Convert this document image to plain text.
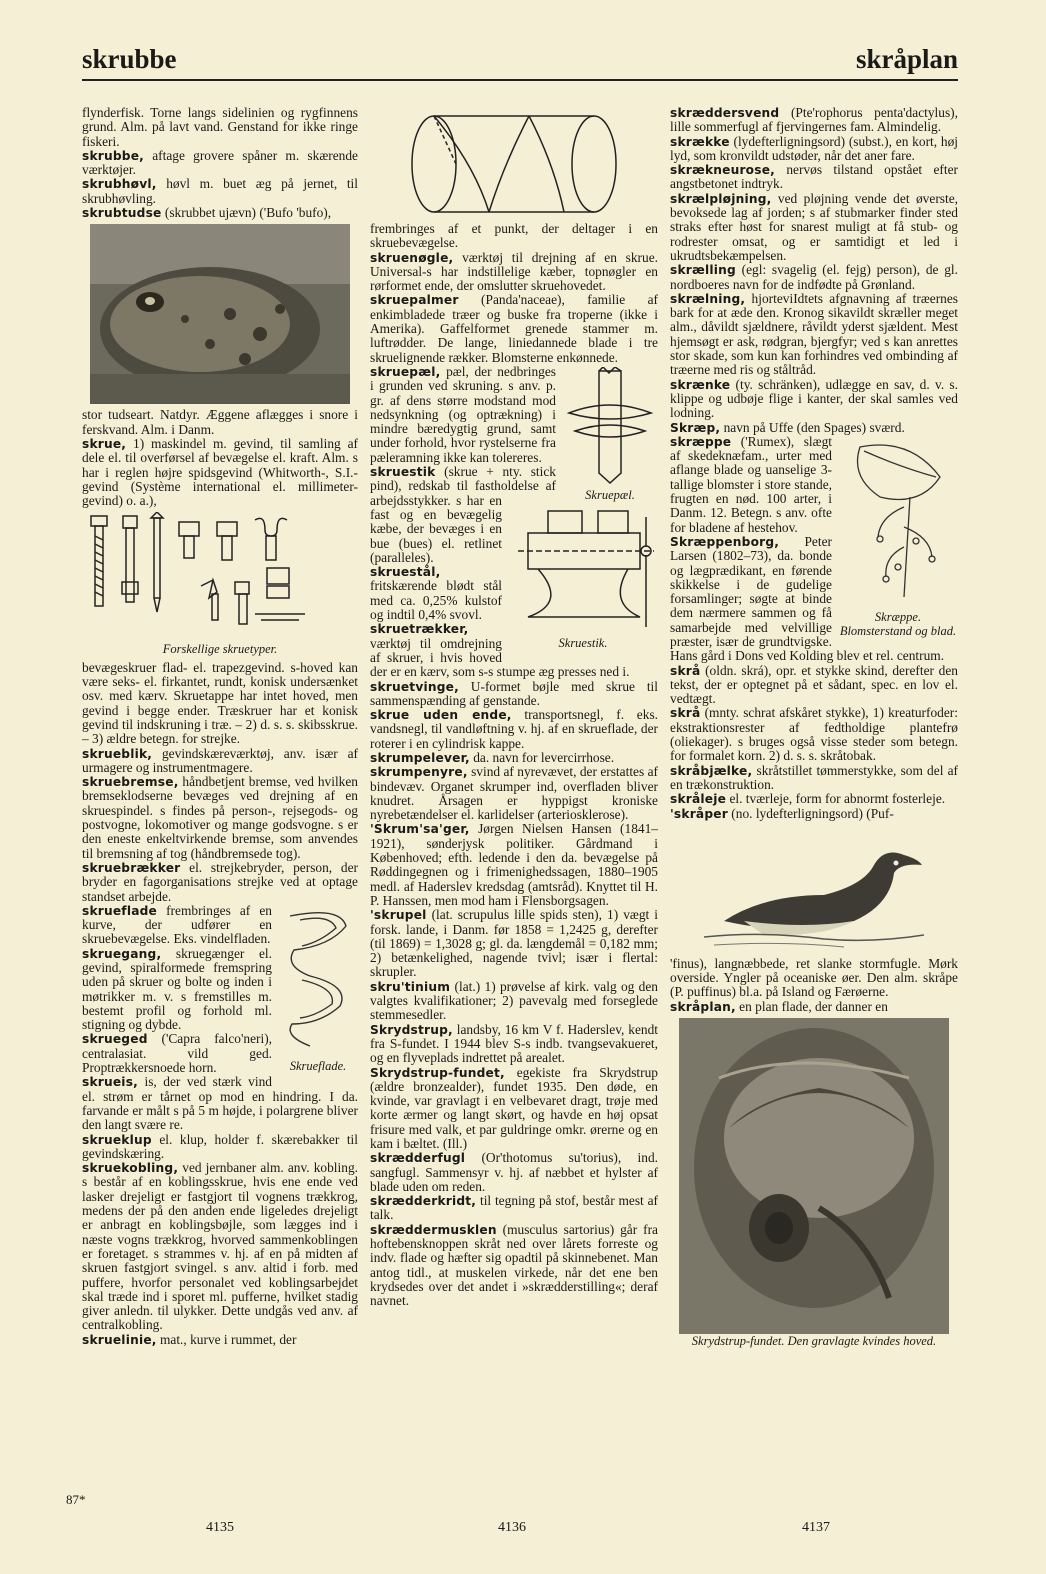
skrubbe	skråplan

flynderfisk. Torne langs sidelinien og rygfinnens grund. Alm. på lavt vand. Genstand for ikke ringe fiskeri.

skrubbe, aftage grovere spåner m. skærende værktøjer.

skrubhøvl, høvl m. buet æg på jernet, til skrubhøvling.

skrubtudse (skrubbet ujævn) ('Bufo 'bufo),

stor tudseart. Natdyr. Æggene aflægges i snore i ferskvand. Alm. i Danm.

skrue, 1) maskindel m. gevind, til samling af dele el. til overførsel af bevægelse el. kraft. Alm. s har i reglen højre spidsgevind (Whitworth-, S.I.-gevind (Système international el. millimeter-gevind) o. a.),

Forskellige skruetyper.

bevægeskruer flad- el. trapezgevind. s-hoved kan være seks- el. firkantet, rundt, konisk undersænket osv. med kærv. Skruetappe har intet hoved, men gevind i begge ender. Træskruer har et konisk gevind til indskruning i træ. – 2) d. s. s. skibsskrue. – 3) ældre betegn. for strejke.

skrueblik, gevindskæreværktøj, anv. især af urmagere og instrumentmagere.

skruebremse, håndbetjent bremse, ved hvilken bremseklodserne bevæges ved drejning af en skruespindel. s findes på person-, rejsegods- og postvogne, lokomotiver og mange godsvogne. s er den eneste enkeltvirkende bremse, som anvendes til bremsning af tog (håndbremsede tog).

skruebrækker el. strejkebryder, person, der bryder en fagorganisations strejke ved at optage standset arbejde.

Skrueflade.

skrueflade frembringes af en kurve, der udfører en skruebevægelse. Eks. vindelfladen.

skruegang, skruegænger el. gevind, spiralformede fremspring uden på skruer og bolte og inden i møtrikker m. v. s fremstilles m. bestemt profil og forhold ml. stigning og dybde.

skrueged ('Capra falco'neri), centralasiat. vild ged. Proptrækkersnoede horn.

skrueis, is, der ved stærk vind el. strøm er tårnet op mod en hindring. I da. farvande er målt s på 5 m højde, i polargrene bliver den langt svære re.

skrueklup el. klup, holder f. skærebakker til gevindskæring.

skruekobling, ved jernbaner alm. anv. kobling. s består af en koblingsskrue, hvis ene ende ved lasker drejeligt er fastgjort til vognens trækkrog, medens der på den anden ende ligeledes drejeligt er anbragt en koblingsbøjle, som lægges ind i næste vogns trækkrog, hvorved sammenkoblingen er foretaget. s strammes v. hj. af en på midten af skruen fastgjort svingel. s anv. altid i forb. med puffere, hvorfor personalet ved koblingsarbejdet skal træde ind i sporet ml. pufferne, hvilket stadig giver anledn. til ulykker. Dette undgås ved anv. af centralkobling.

skruelinie, mat., kurve i rummet, der

frembringes af et punkt, der deltager i en skruebevægelse.

skruenøgle, værktøj til drejning af en skrue. Universal-s har indstillelige kæber, topnøgler en rørformet ende, der omslutter skruehovedet.

skruepalmer (Panda'naceae), familie af enkimbladede træer og buske fra troperne (ikke i Amerika). Gaffelformet grenede stammer m. luftrødder. De lange, liniedannede blade i tre skruelignende rækker. Blomsterne enkønnede.

Skruepæl.

skruepæl, pæl, der nedbringes i grunden ved skruning. s anv. p. gr. af dens større modstand mod nedsynkning (og optrækning) i mindre bæredygtig grund, samt under forhold, hvor rystelserne fra pæleramning ikke kan tolereres.

Skruestik.

skruestik (skrue + nty. stick pind), redskab til fastholdelse af arbejdsstykker. s har en fast og en bevægelig kæbe, der bevæges i en bue (bues) el. retlinet (paralleles).

skruestål, fritskærende blødt stål med ca. 0,25% kulstof og indtil 0,4% svovl.

skruetrækker, værktøj til omdrejning af skruer, i hvis hoved der er en kærv, som s-s stumpe æg presses ned i.

skruetvinge, U-formet bøjle med skrue til sammenspænding af genstande.

skrue uden ende, transportsnegl, f. eks. vandsnegl, til vandløftning v. hj. af en skrueflade, der roterer i en cylindrisk kappe.

skrumpelever, da. navn for levercirrhose.

skrumpenyre, svind af nyrevævet, der erstattes af bindevæv. Organet skrumper ind, overfladen bliver knudret. Årsagen er hyppigst kroniske nyrebetændelser el. karlidelser (arteriosklerose).

'Skrum'sa'ger, Jørgen Nielsen Hansen (1841–1921), sønderjysk politiker. Gårdmand i Københoved; efth. ledende i den da. bevægelse på Røddingegnen og i frimenighedssagen, 1880–1905 medl. af Haderslev kredsdag (amtsråd). Knyttet til H. P. Hanssen, men mod ham i Flensborgsagen.

'skrupel (lat. scrupulus lille spids sten), 1) vægt i forsk. lande, i Danm. før 1858 = 1,2425 g, derefter (til 1869) = 1,3028 g; gl. da. længdemål = 0,182 mm; 2) betænkelighed, nagende tvivl; især i flertal: skrupler.

skru'tinium (lat.) 1) prøvelse af kirk. valg og den valgtes kvalifikationer; 2) pavevalg med forseglede stemmesedler.

Skrydstrup, landsby, 16 km V f. Haderslev, kendt fra S-fundet. I 1944 blev S-s indb. tvangsevakueret, og en flyveplads indrettet på arealet.

Skrydstrup-fundet, egekiste fra Skrydstrup (ældre bronzealder), fundet 1935. Den døde, en kvinde, var gravlagt i en velbevaret dragt, trøje med korte ærmer og langt skørt, og havde en høj opsat frisure med valk, et par guldringe omkr. ørerne og en kam i bæltet. (Ill.)

skrædderfugl (Or'thotomus su'torius), ind. sangfugl. Sammensyr v. hj. af næbbet et hylster af blade uden om reden.

skrædderkridt, til tegning på stof, består mest af talk.

skræddermusklen (musculus sartorius) går fra hoftebensknoppen skråt ned over lårets forreste og indv. flade og hæfter sig opadtil på skinnebenet. Man antog tidl., at muskelen virkede, når det ene ben krydsedes over det andet i »skrædderstilling«; deraf navnet.

skræddersvend (Pte'rophorus penta'dactylus), lille sommerfugl af fjervingernes fam. Almindelig.

skrække (lydefterligningsord) (subst.), en kort, høj lyd, som kronvildt udstøder, når det aner fare.

skrækneurose, nervøs tilstand opstået efter angstbetonet indtryk.

skrælpløjning, ved pløjning vende det øverste, bevoksede lag af jorden; s af stubmarker finder sted straks efter høst for snarest muligt at få stub- og rodrester omsat, og er samtidigt et led i ukrudtsbekæmpelsen.

skrælling (egl: svagelig (el. fejg) person), de gl. nordboeres navn for de indfødte på Grønland.

skrælning, hjorteviIdtets afgnavning af træernes bark for at æde den. Kronog sikavildt skræller meget alm., dåvildt sjældnere, råvildt yderst sjældent. Mest hjemsøgt er ask, rødgran, bjergfyr; ved s kan anrettes stor skade, som kun kan forhindres ved ombinding af træerne med ris og ståltråd.

skrænke (ty. schränken), udlægge en sav, d. v. s. klippe og udbøje flige i kanter, der skal samles ved lodning.

Skræp, navn på Uffe (den Spages) sværd.

Skræppe. Blomsterstand og blad.

skræppe ('Rumex), slægt af skedeknæfam., urter med aflange blade og uanselige 3-tallige blomster i store stande, frugten en nød. 100 arter, i Danm. 12. Betegn. s anv. ofte for bladene af hestehov.

Skræppenborg, Peter Larsen (1802–73), da. bonde og lægprædikant, en førende skikkelse i de gudelige forsamlinger; søgte at binde dem nærmere sammen og få samarbejde med velvillige præster, især de grundtvigske. Hans gård i Dons ved Kolding blev et rel. centrum.

skrå (oldn. skrá), opr. et stykke skind, derefter den tekst, der er optegnet på et sådant, spec. en lov el. vedtægt.

skrå (mnty. schrat afskåret stykke), 1) kreaturfoder: ekstraktionsrester af fedtholdige plantefrø (oliekager). s bruges også visse steder som betegn. for formalet korn. 2) d. s. s. skråtobak.

skråbjælke, skråtstillet tømmerstykke, som del af en trækonstruktion.

skråleje el. tværleje, form for abnormt fosterleje.

'skråper (no. lydefterligningsord) (Puf-

'finus), langnæbbede, ret slanke stormfugle. Mørk overside. Yngler på oceaniske øer. Den alm. skråpe (P. puffinus) bl.a. på Island og Færøerne.

skråplan, en plan flade, der danner en

Skrydstrup-fundet. Den gravlagte kvindes hoved.
87*
4135	4136	4137
